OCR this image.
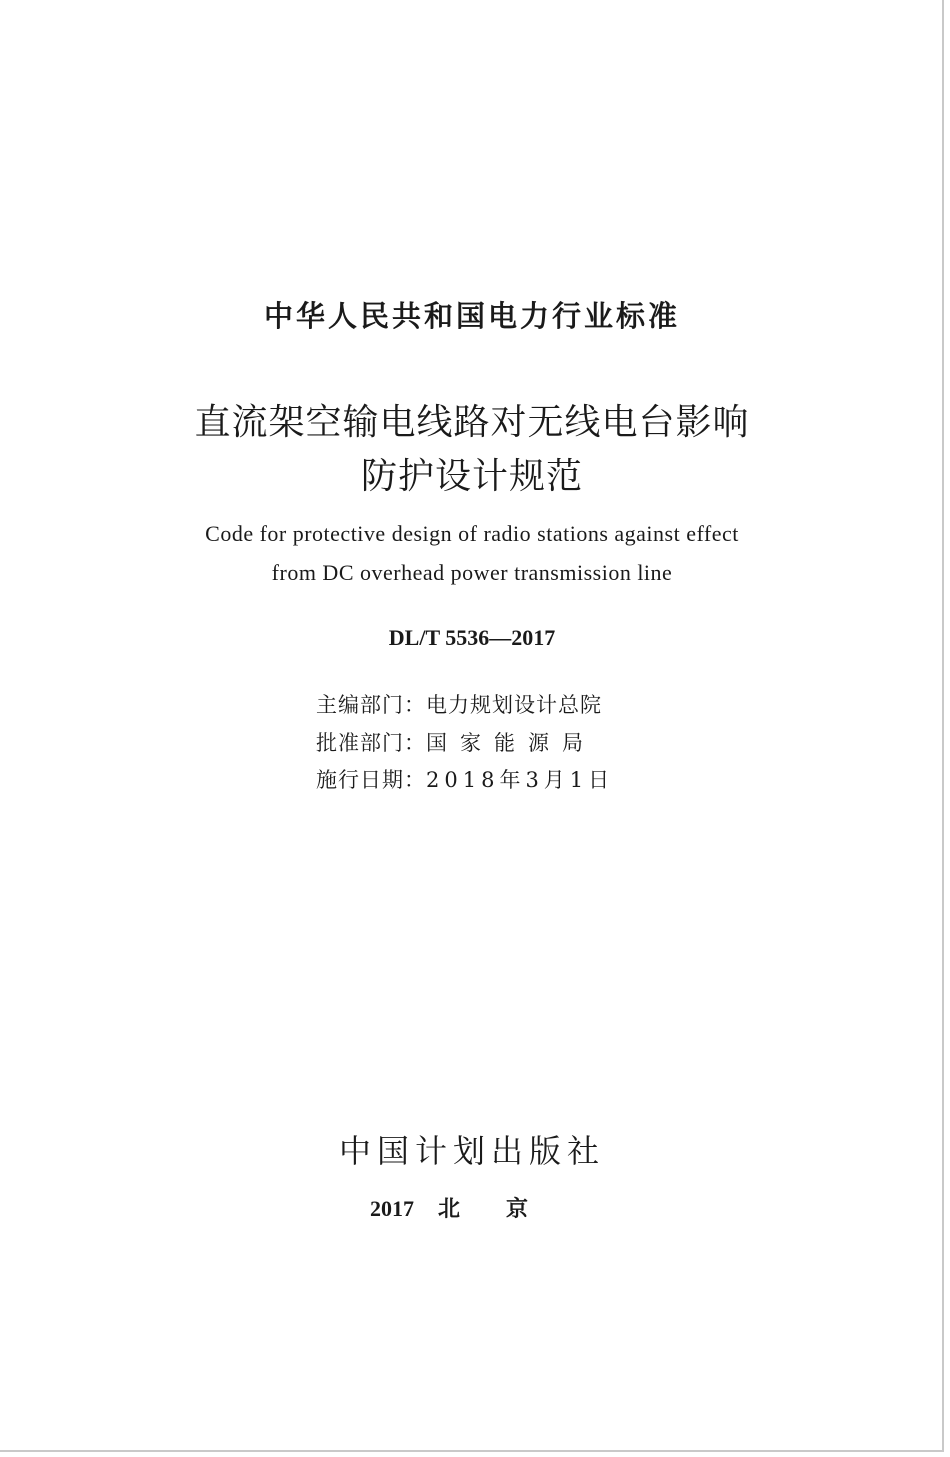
中华人民共和国电力行业标准
直流架空输电线路对无线电台影响
防护设计规范
Code for protective design of radio stations against effect
from DC overhead power transmission line
DL/T 5536—2017
主编部门：电力规划设计总院
批准部门：国家能源局
施行日期：2018年3月1日
中国计划出版社
2017 北京
